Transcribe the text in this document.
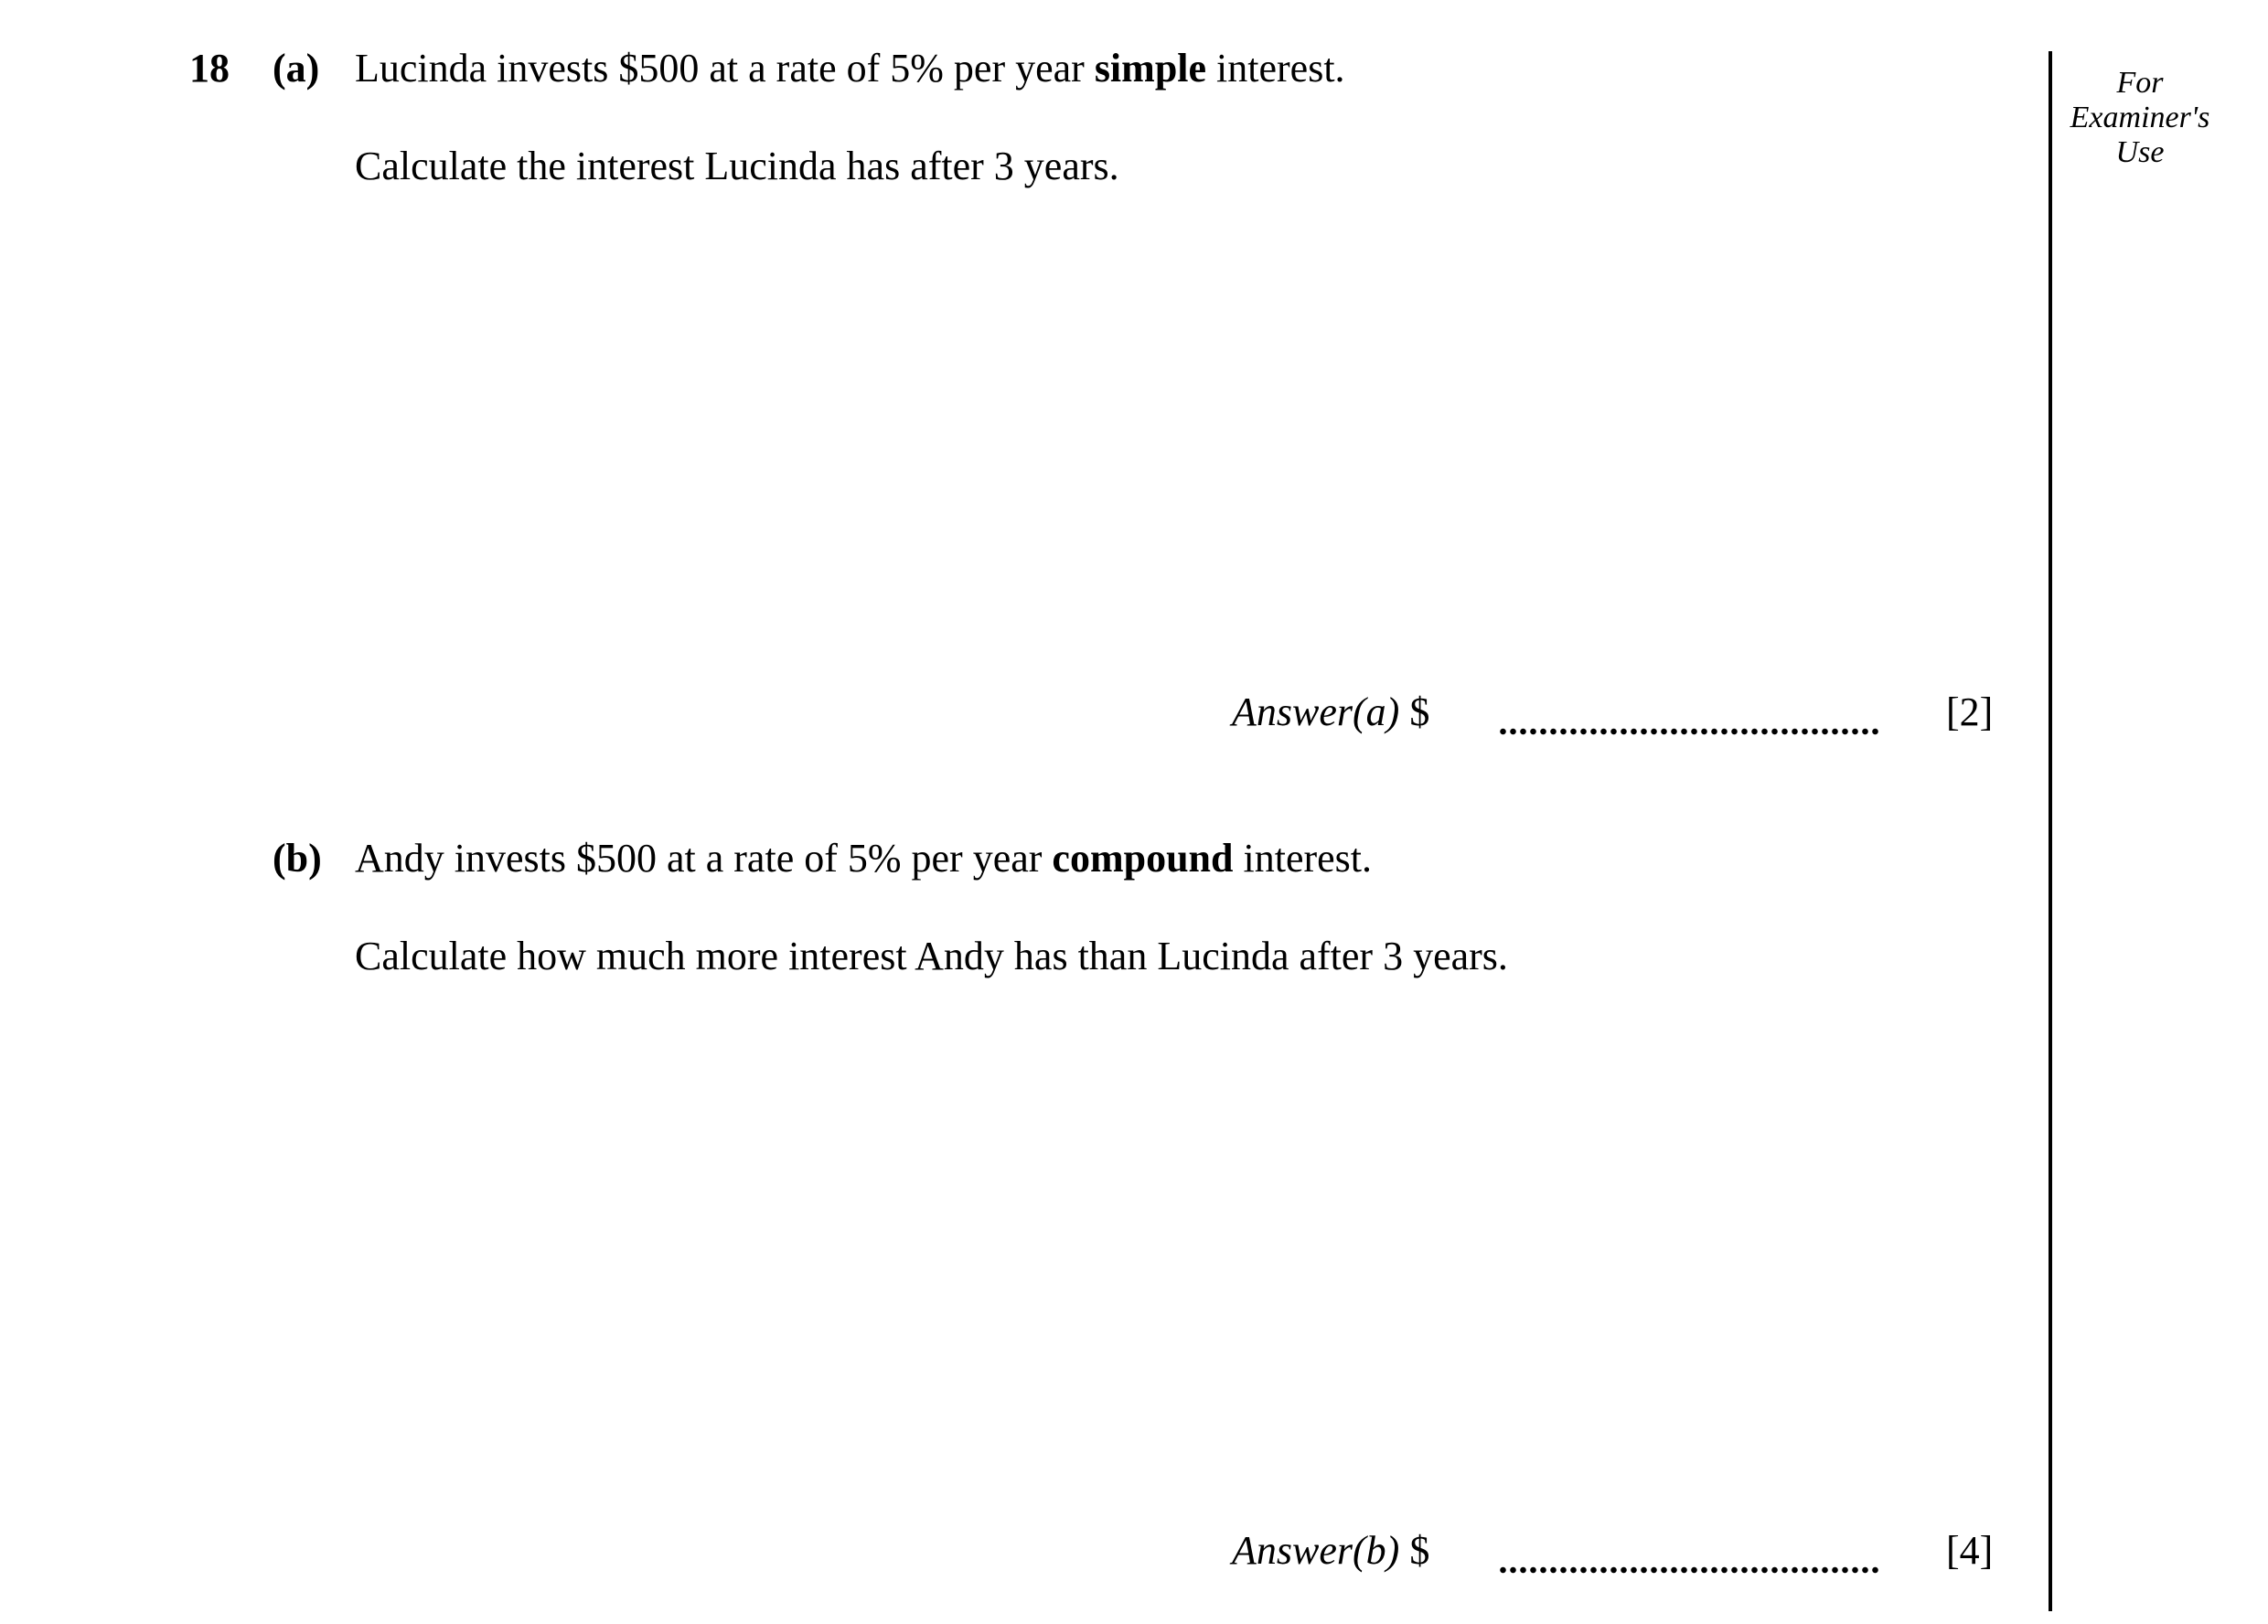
For
Examiner's
Use
18 (a) Lucinda invests $500 at a rate of 5% per year simple interest.
Calculate the interest Lucinda has after 3 years.
Answer(a) $	[2]
(b) Andy invests $500 at a rate of 5% per year compound interest.
Calculate how much more interest Andy has than Lucinda after 3 years.
Answer(b) $	[4]
